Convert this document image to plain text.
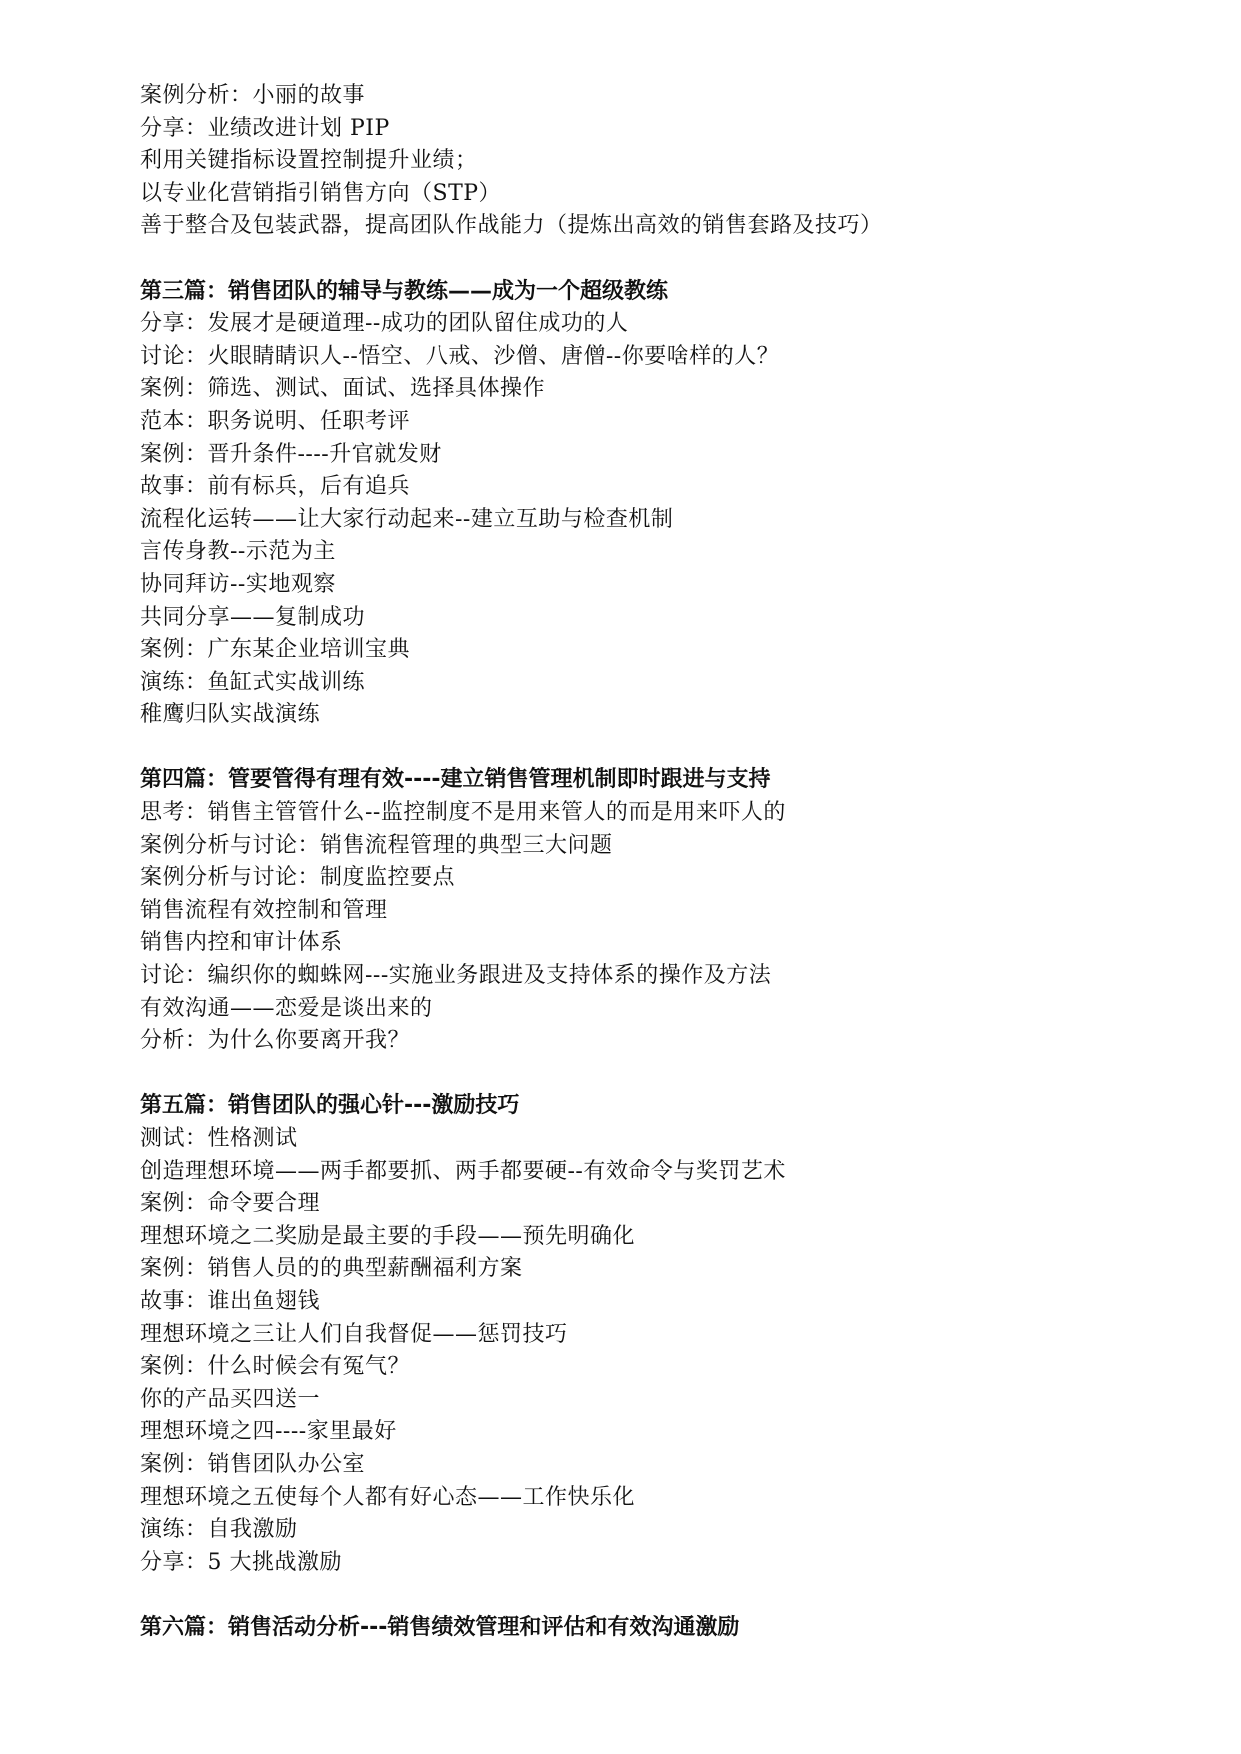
案例分析：小丽的故事
分享：业绩改进计划 PIP
利用关键指标设置控制提升业绩；
以专业化营销指引销售方向（STP）
善于整合及包装武器，提高团队作战能力（提炼出高效的销售套路及技巧）
第三篇：销售团队的辅导与教练——成为一个超级教练
分享：发展才是硬道理--成功的团队留住成功的人
讨论：火眼睛睛识人--悟空、八戒、沙僧、唐僧--你要啥样的人？
案例：筛选、测试、面试、选择具体操作
范本：职务说明、任职考评
案例：晋升条件----升官就发财
故事：前有标兵，后有追兵
流程化运转——让大家行动起来--建立互助与检查机制
言传身教--示范为主
协同拜访--实地观察
共同分享——复制成功
案例：广东某企业培训宝典
演练：鱼缸式实战训练
稚鹰归队实战演练
第四篇：管要管得有理有效----建立销售管理机制即时跟进与支持
思考：销售主管管什么--监控制度不是用来管人的而是用来吓人的
案例分析与讨论：销售流程管理的典型三大问题
案例分析与讨论：制度监控要点
销售流程有效控制和管理
销售内控和审计体系
讨论：编织你的蜘蛛网---实施业务跟进及支持体系的操作及方法
有效沟通——恋爱是谈出来的
分析：为什么你要离开我？
第五篇：销售团队的强心针---激励技巧
测试：性格测试
创造理想环境——两手都要抓、两手都要硬--有效命令与奖罚艺术
案例：命令要合理
理想环境之二奖励是最主要的手段——预先明确化
案例：销售人员的的典型薪酬福利方案
故事：谁出鱼翅钱
理想环境之三让人们自我督促——惩罚技巧
案例：什么时候会有冤气？
你的产品买四送一
理想环境之四----家里最好
案例：销售团队办公室
理想环境之五使每个人都有好心态——工作快乐化
演练：自我激励
分享：5 大挑战激励
第六篇：销售活动分析---销售绩效管理和评估和有效沟通激励
